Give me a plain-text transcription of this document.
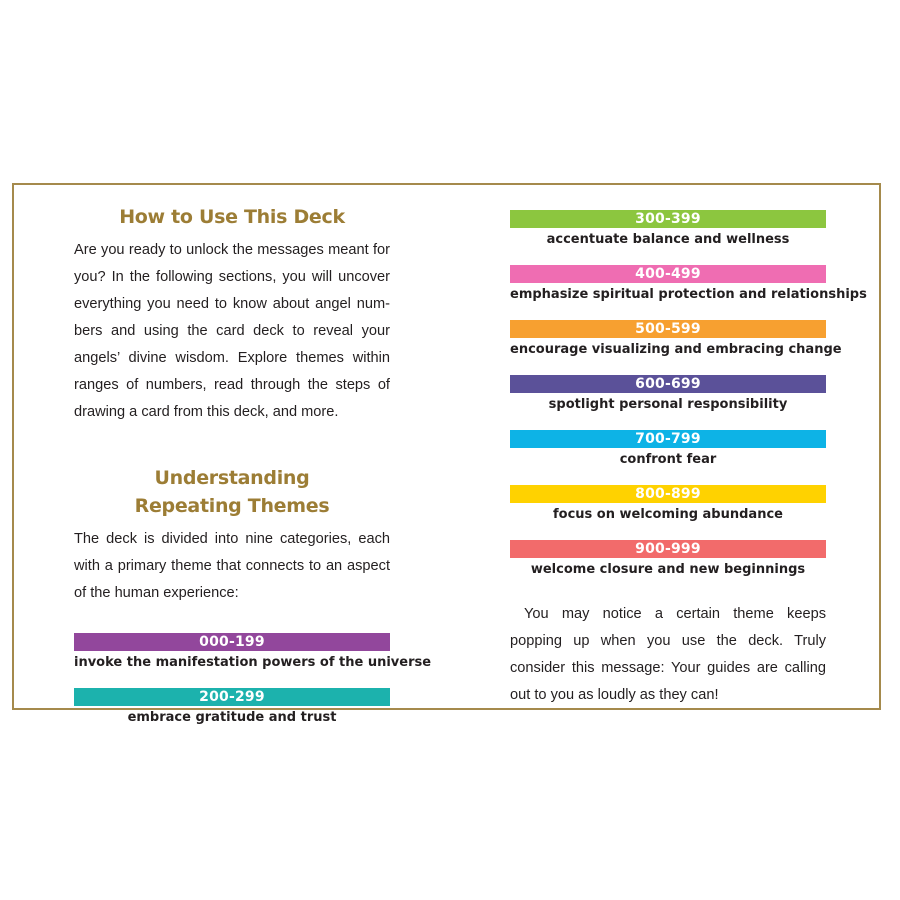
How to Use This Deck

Are you ready to unlock the messages meant for you? In the following sections, you will uncover everything you need to know about angel numbers and using the card deck to reveal your angels’ divine wisdom. Explore themes within ranges of numbers, read through the steps of drawing a card from this deck, and more.

Understanding
Repeating Themes

The deck is divided into nine categories, each with a primary theme that connects to an aspect of the human experience:

000-199
invoke the manifestation powers of the universe
200-299
embrace gratitude and trust
300-399
accentuate balance and wellness
400-499
emphasize spiritual protection and relationships
500-599
encourage visualizing and embracing change
600-699
spotlight personal responsibility
700-799
confront fear
800-899
focus on welcoming abundance
900-999
welcome closure and new beginnings

You may notice a certain theme keeps popping up when you use the deck. Truly consider this message: Your guides are calling out to you as loudly as they can!
